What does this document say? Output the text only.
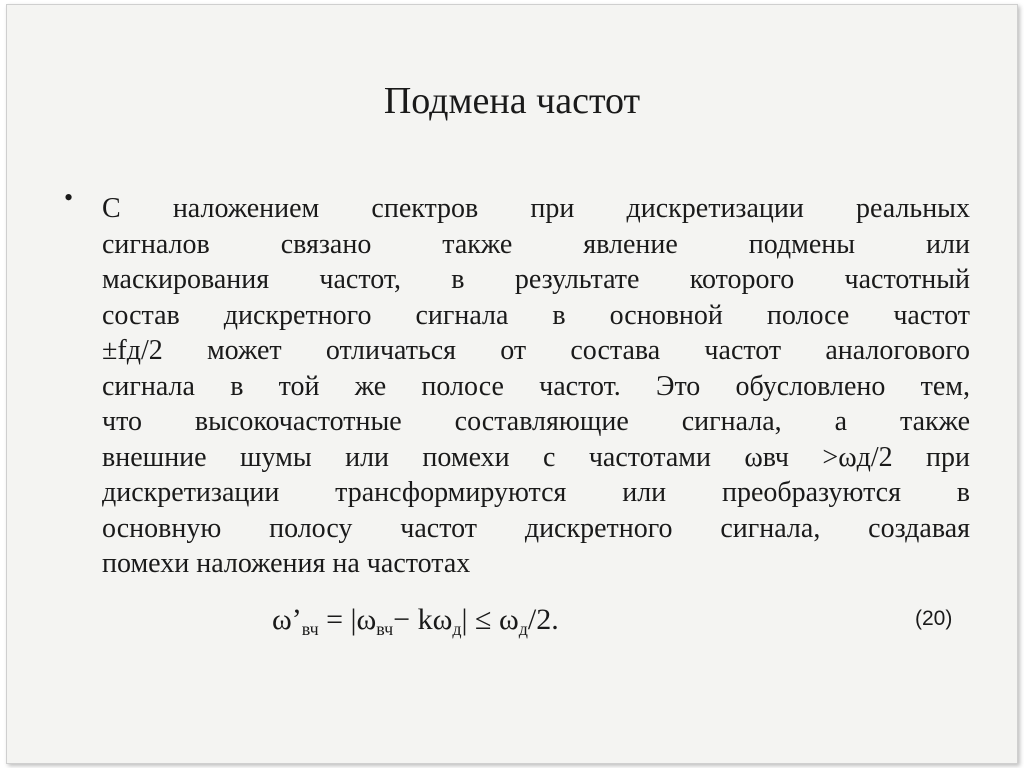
Подмена частот
• С наложением спектров при дискретизации реальных
сигналов связано также явление подмены или
маскирования частот, в результате которого частотный
состав дискретного сигнала в основной полосе частот
±fд/2 может отличаться от состава частот аналогового
сигнала в той же полосе частот. Это обусловлено тем,
что высокочастотные составляющие сигнала, а также
внешние шумы или помехи с частотами ωвч >ωд/2 при
дискретизации трансформируются или преобразуются в
основную полосу частот дискретного сигнала, создавая
помехи наложения на частотах
$\omega’_{вч} = |\omega_{вч}- k\omega_д| \le \omega_д/2$.	(20)
